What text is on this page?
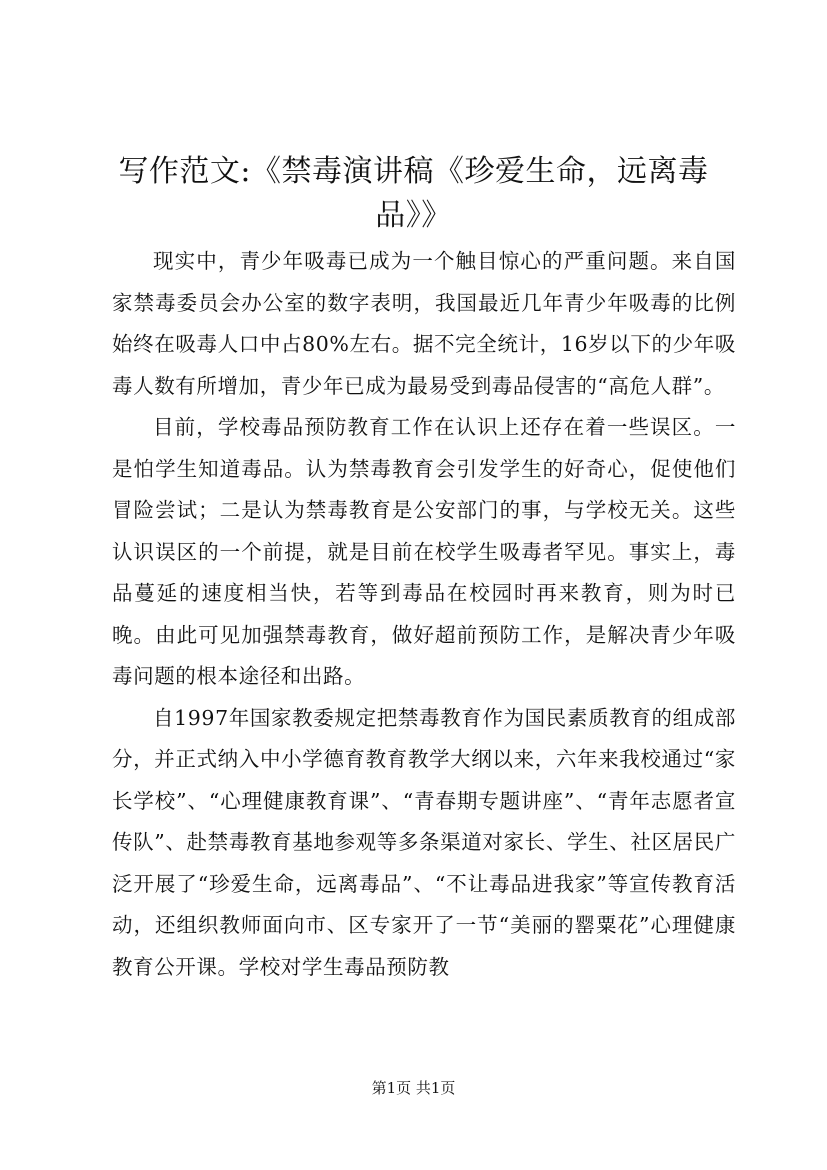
写作范文:《禁毒演讲稿《珍爱生命，远离毒品》》

现实中，青少年吸毒已成为一个触目惊心的严重问题。来自国家禁毒委员会办公室的数字表明，我国最近几年青少年吸毒的比例始终在吸毒人口中占80%左右。据不完全统计，16岁以下的少年吸毒人数有所增加，青少年已成为最易受到毒品侵害的“高危人群”。

目前，学校毒品预防教育工作在认识上还存在着一些误区。一是怕学生知道毒品。认为禁毒教育会引发学生的好奇心，促使他们冒险尝试；二是认为禁毒教育是公安部门的事，与学校无关。这些认识误区的一个前提，就是目前在校学生吸毒者罕见。事实上，毒品蔓延的速度相当快，若等到毒品在校园时再来教育，则为时已晚。由此可见加强禁毒教育，做好超前预防工作，是解决青少年吸毒问题的根本途径和出路。

自1997年国家教委规定把禁毒教育作为国民素质教育的组成部分，并正式纳入中小学德育教育教学大纲以来，六年来我校通过“家长学校”、“心理健康教育课”、“青春期专题讲座”、“青年志愿者宣传队”、赴禁毒教育基地参观等多条渠道对家长、学生、社区居民广泛开展了“珍爱生命，远离毒品”、“不让毒品进我家”等宣传教育活动，还组织教师面向市、区专家开了一节“美丽的罂粟花”心理健康教育公开课。学校对学生毒品预防教

第1页 共1页
